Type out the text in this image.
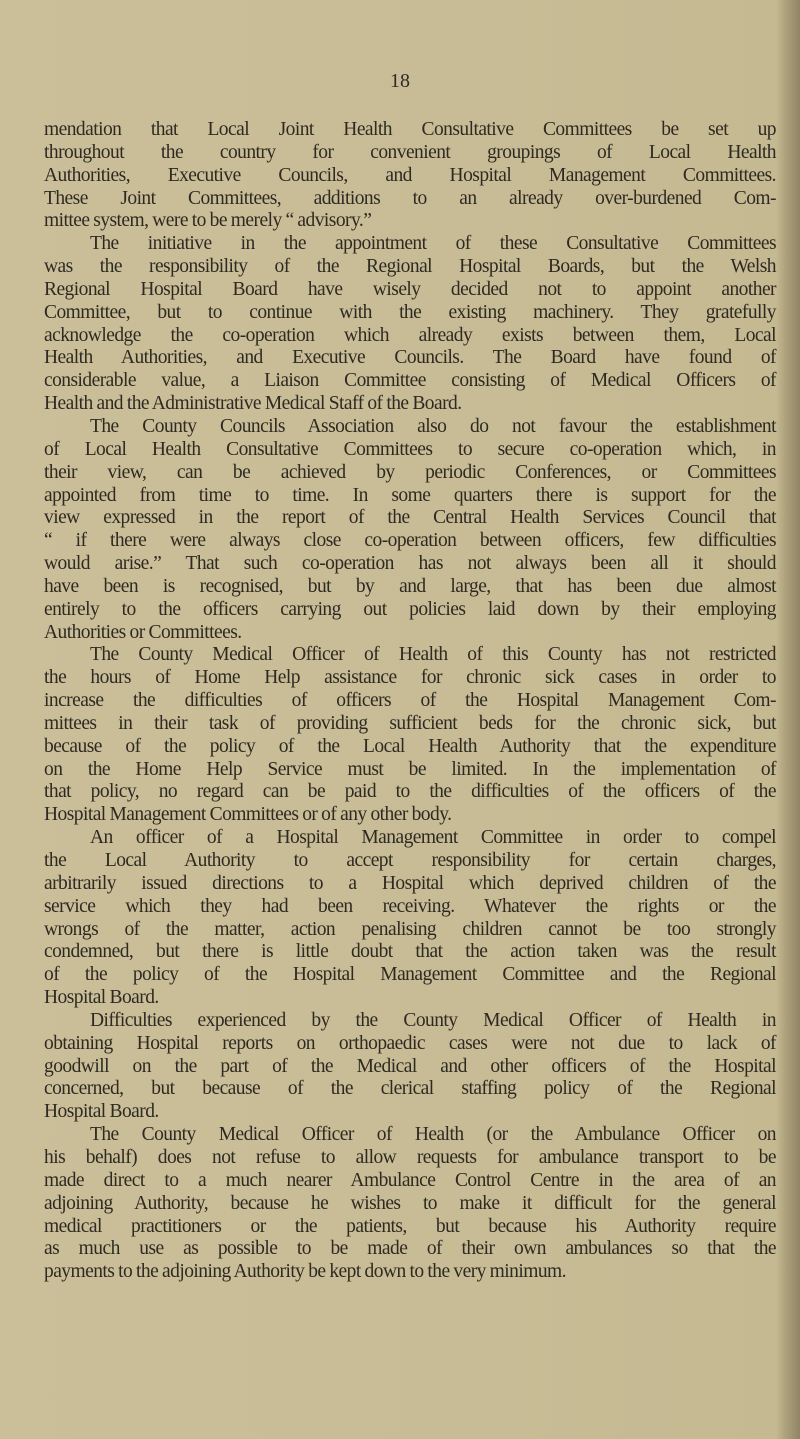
18
mendation that Local Joint Health Consultative Committees be set up
throughout the country for convenient groupings of Local Health
Authorities, Executive Councils, and Hospital Management Committees.
These Joint Committees, additions to an already over-burdened Com-
mittee system, were to be merely “ advisory.”
The initiative in the appointment of these Consultative Committees
was the responsibility of the Regional Hospital Boards, but the Welsh
Regional Hospital Board have wisely decided not to appoint another
Committee, but to continue with the existing machinery. They gratefully
acknowledge the co-operation which already exists between them, Local
Health Authorities, and Executive Councils. The Board have found of
considerable value, a Liaison Committee consisting of Medical Officers of
Health and the Administrative Medical Staff of the Board.
The County Councils Association also do not favour the establishment
of Local Health Consultative Committees to secure co-operation which, in
their view, can be achieved by periodic Conferences, or Committees
appointed from time to time. In some quarters there is support for the
view expressed in the report of the Central Health Services Council that
“ if there were always close co-operation between officers, few difficulties
would arise.” That such co-operation has not always been all it should
have been is recognised, but by and large, that has been due almost
entirely to the officers carrying out policies laid down by their employing
Authorities or Committees.
The County Medical Officer of Health of this County has not restricted
the hours of Home Help assistance for chronic sick cases in order to
increase the difficulties of officers of the Hospital Management Com-
mittees in their task of providing sufficient beds for the chronic sick, but
because of the policy of the Local Health Authority that the expenditure
on the Home Help Service must be limited. In the implementation of
that policy, no regard can be paid to the difficulties of the officers of the
Hospital Management Committees or of any other body.
An officer of a Hospital Management Committee in order to compel
the Local Authority to accept responsibility for certain charges,
arbitrarily issued directions to a Hospital which deprived children of the
service which they had been receiving. Whatever the rights or the
wrongs of the matter, action penalising children cannot be too strongly
condemned, but there is little doubt that the action taken was the result
of the policy of the Hospital Management Committee and the Regional
Hospital Board.
Difficulties experienced by the County Medical Officer of Health in
obtaining Hospital reports on orthopaedic cases were not due to lack of
goodwill on the part of the Medical and other officers of the Hospital
concerned, but because of the clerical staffing policy of the Regional
Hospital Board.
The County Medical Officer of Health (or the Ambulance Officer on
his behalf) does not refuse to allow requests for ambulance transport to be
made direct to a much nearer Ambulance Control Centre in the area of an
adjoining Authority, because he wishes to make it difficult for the general
medical practitioners or the patients, but because his Authority require
as much use as possible to be made of their own ambulances so that the
payments to the adjoining Authority be kept down to the very minimum.
